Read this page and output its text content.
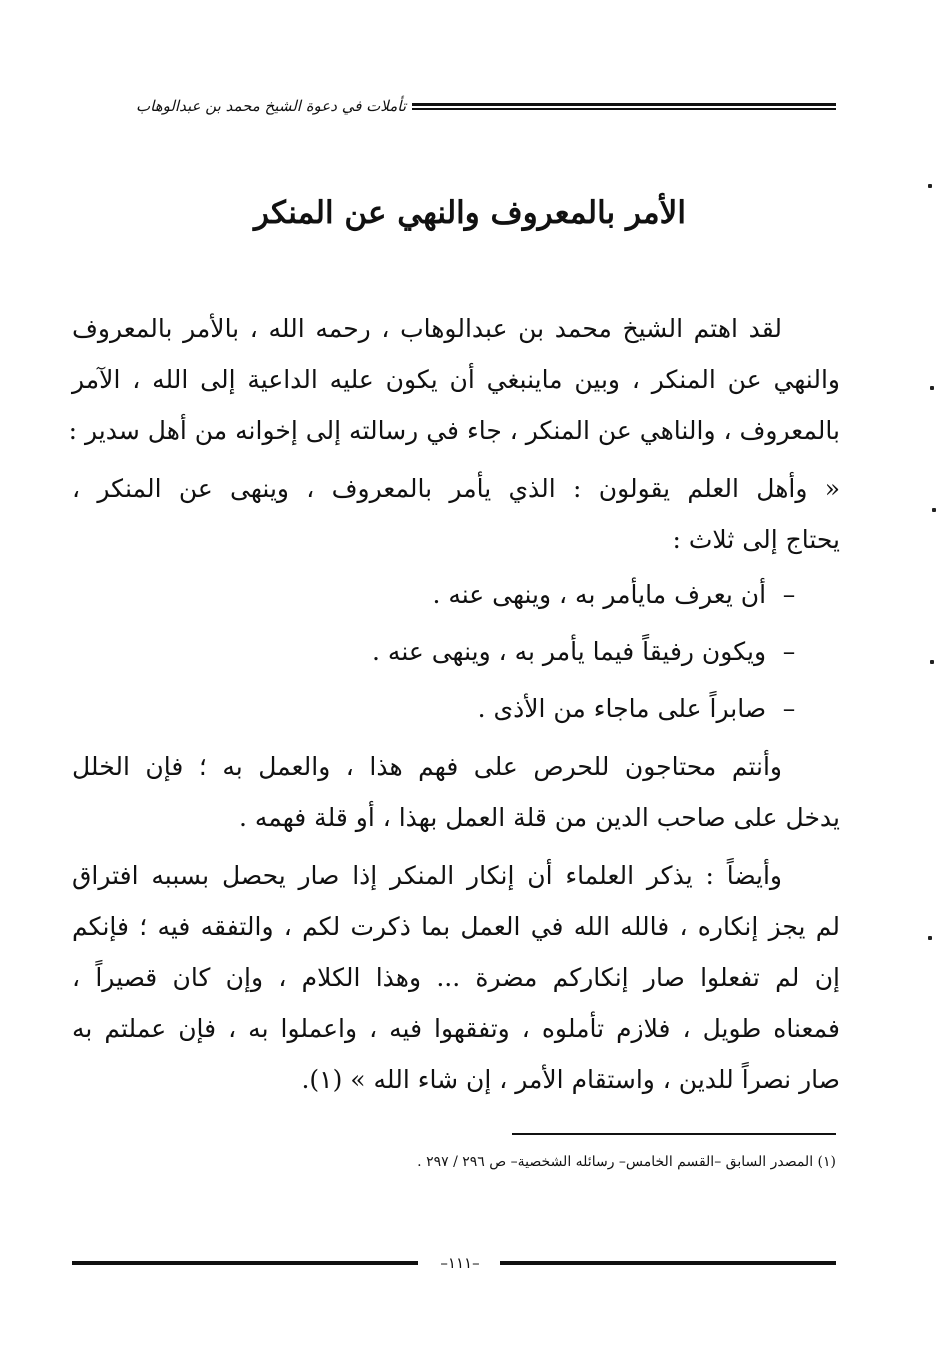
تأملات في دعوة الشيخ محمد بن عبدالوهاب
الأمر بالمعروف والنهي عن المنكر
لقد اهتم الشيخ محمد بن عبدالوهاب ، رحمه الله ، بالأمر بالمعروف
والنهي عن المنكر ، وبين ماينبغي أن يكون عليه الداعية إلى الله ، الآمر
بالمعروف ، والناهي عن المنكر ، جاء في رسالته إلى إخوانه من أهل سدير :
« وأهل العلم يقولون : الذي يأمر بالمعروف ، وينهى عن المنكر ،
يحتاج إلى ثلاث :
– أن يعرف مايأمر به ، وينهى عنه .
– ويكون رفيقاً فيما يأمر به ، وينهى عنه .
– صابراً على ماجاء من الأذى .
وأنتم محتاجون للحرص على فهم هذا ، والعمل به ؛ فإن الخلل
يدخل على صاحب الدين من قلة العمل بهذا ، أو قلة فهمه .
وأيضاً : يذكر العلماء أن إنكار المنكر إذا صار يحصل بسببه افتراق
لم يجز إنكاره ، فالله الله في العمل بما ذكرت لكم ، والتفقه فيه ؛ فإنكم
إن لم تفعلوا صار إنكاركم مضرة ... وهذا الكلام ، وإن كان قصيراً ،
فمعناه طويل ، فلازم تأملوه ، وتفقهوا فيه ، واعملوا به ، فإن عملتم به
صار نصراً للدين ، واستقام الأمر ، إن شاء الله » (١).
(١) المصدر السابق –القسم الخامس– رسائله الشخصية– ص ٢٩٦ / ٢٩٧ .
–١١١–
